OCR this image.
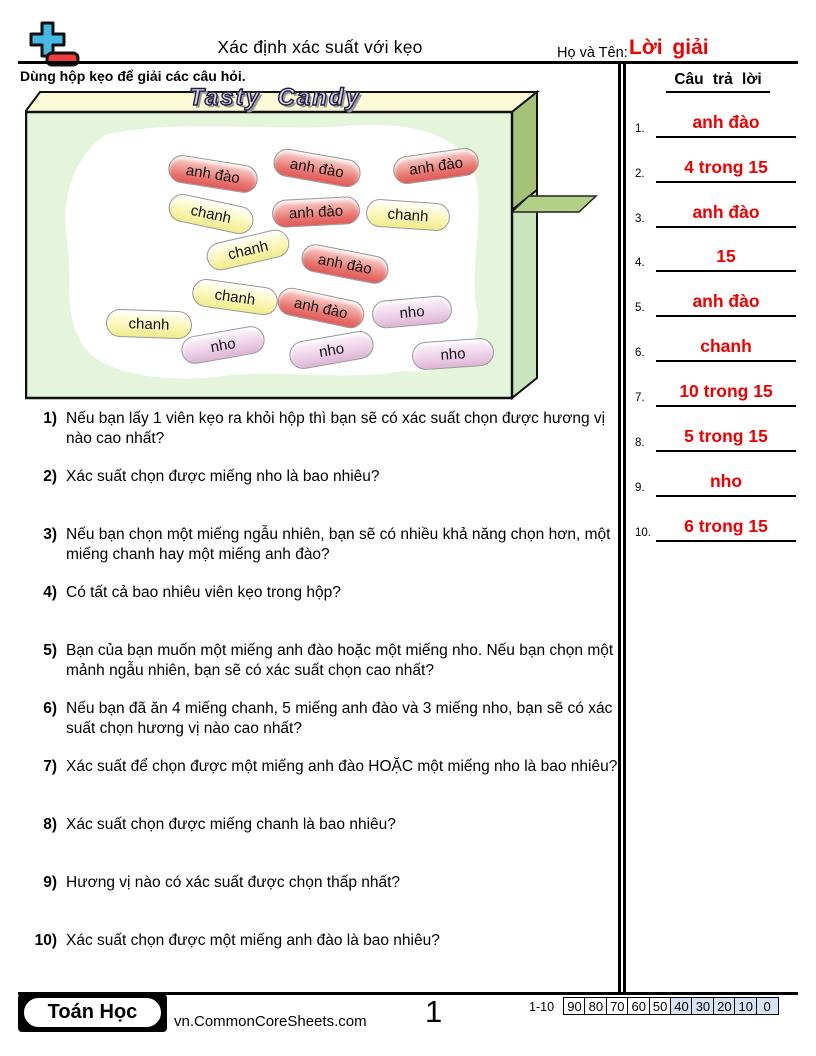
Xác định xác suất với kẹo	Họ và Tên: Lời giải
Dùng hộp kẹo để giải các câu hỏi.
Tasty Candy
anh đào	anh đào	anh đào
chanh	anh đào	chanh
chanh
anh đào
chanh anh đào	nho
chanh
nho	nho	nho
1) Nếu bạn lấy 1 viên kẹo ra khỏi hộp thì bạn sẽ có xác suất chọn được hương vị nào cao nhất?
2) Xác suất chọn được miếng nho là bao nhiêu?
3) Nếu bạn chọn một miếng ngẫu nhiên, bạn sẽ có nhiều khả năng chọn hơn, một miếng chanh hay một miếng anh đào?
4) Có tất cả bao nhiêu viên kẹo trong hộp?
5) Bạn của bạn muốn một miếng anh đào hoặc một miếng nho. Nếu bạn chọn một mảnh ngẫu nhiên, bạn sẽ có xác suất chọn cao nhất?
6) Nếu bạn đã ăn 4 miếng chanh, 5 miếng anh đào và 3 miếng nho, bạn sẽ có xác suất chọn hương vị nào cao nhất?
7) Xác suất để chọn được một miếng anh đào HOẶC một miếng nho là bao nhiêu?
8) Xác suất chọn được miếng chanh là bao nhiêu?
9) Hương vị nào có xác suất được chọn thấp nhất?
10) Xác suất chọn được một miếng anh đào là bao nhiêu?
Câu trả lời
1.	anh đào
2.	4 trong 15
3.	anh đào
4.	15
5.	anh đào
6.	chanh
7.	10 trong 15
8.	5 trong 15
9.	nho
10.	6 trong 15
Toán Học	vn.CommonCoreSheets.com 1	1-10	90 80 70 60 50 40 30 20 10 0
